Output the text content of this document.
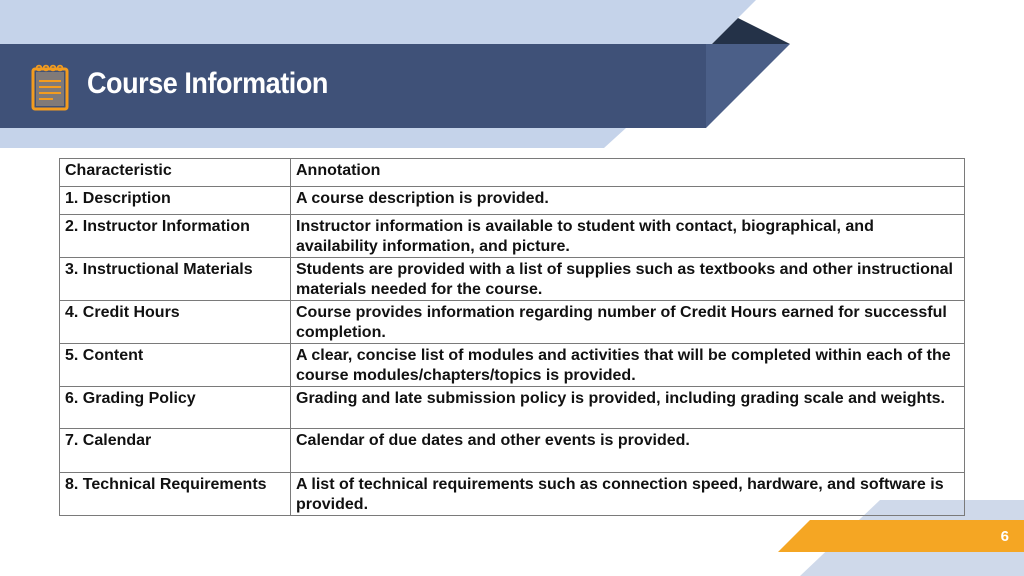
Course Information
Characteristic	Annotation
1. Description	A course description is provided.
2. Instructor Information	Instructor information is available to student with contact, biographical, and availability information, and picture.
3. Instructional Materials	Students are provided with a list of supplies such as textbooks and other instructional materials needed for the course.
4. Credit Hours	Course provides information regarding number of Credit Hours earned for successful completion.
5. Content	A clear, concise list of modules and activities that will be completed within each of the course modules/chapters/topics is provided.
6. Grading Policy	Grading and late submission policy is provided, including grading scale and weights.
7. Calendar	Calendar of due dates and other events is provided.
8. Technical Requirements	A list of technical requirements such as connection speed, hardware, and software is provided.
6
